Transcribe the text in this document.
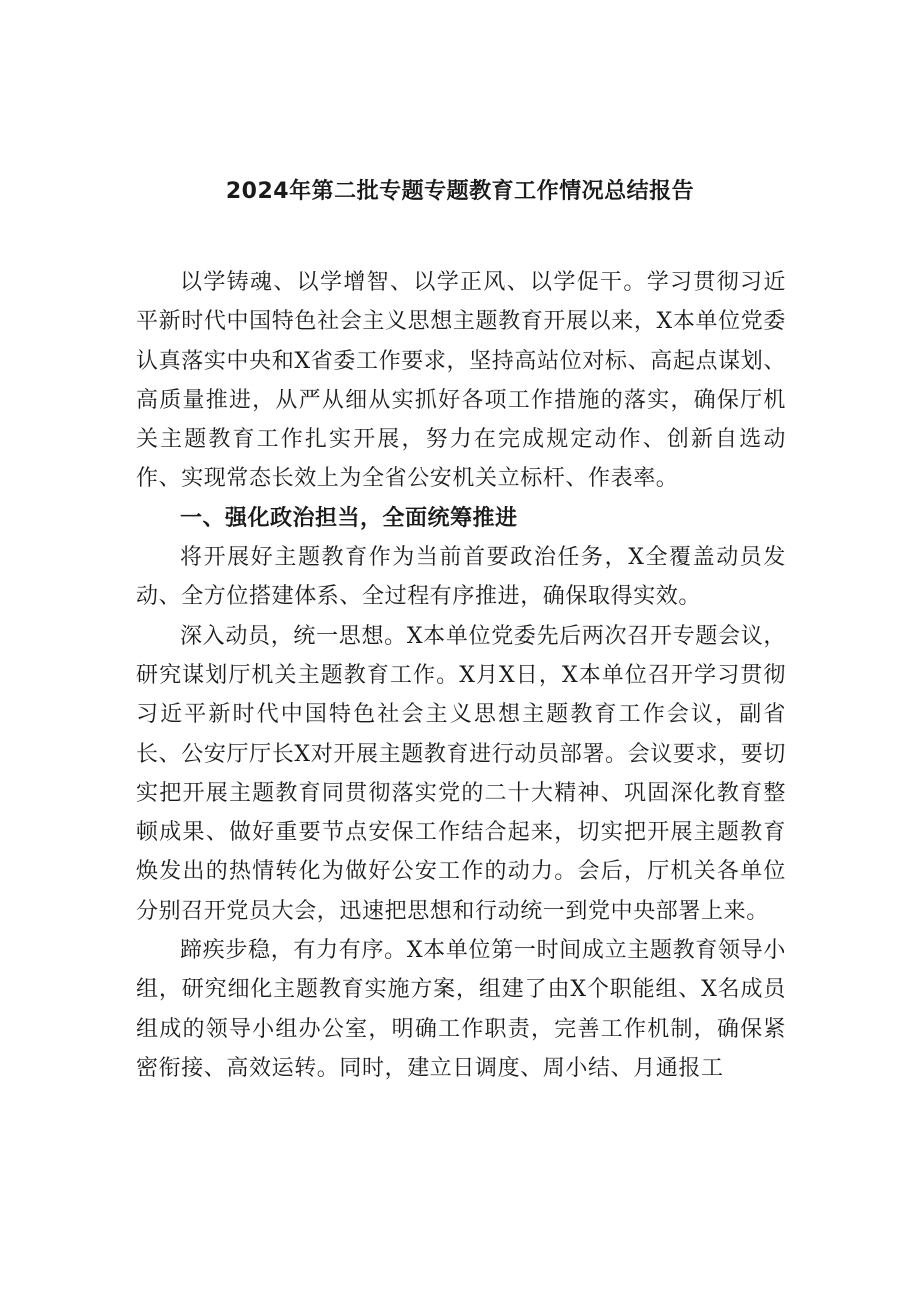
2024年第二批专题专题教育工作情况总结报告

以学铸魂、以学增智、以学正风、以学促干。学习贯彻习近平新时代中国特色社会主义思想主题教育开展以来，X本单位党委认真落实中央和X省委工作要求，坚持高站位对标、高起点谋划、高质量推进，从严从细从实抓好各项工作措施的落实，确保厅机关主题教育工作扎实开展，努力在完成规定动作、创新自选动作、实现常态长效上为全省公安机关立标杆、作表率。

一、强化政治担当，全面统筹推进

将开展好主题教育作为当前首要政治任务，X全覆盖动员发动、全方位搭建体系、全过程有序推进，确保取得实效。

深入动员，统一思想。X本单位党委先后两次召开专题会议，研究谋划厅机关主题教育工作。X月X日，X本单位召开学习贯彻习近平新时代中国特色社会主义思想主题教育工作会议，副省长、公安厅厅长X对开展主题教育进行动员部署。会议要求，要切实把开展主题教育同贯彻落实党的二十大精神、巩固深化教育整顿成果、做好重要节点安保工作结合起来，切实把开展主题教育焕发出的热情转化为做好公安工作的动力。会后，厅机关各单位分别召开党员大会，迅速把思想和行动统一到党中央部署上来。

蹄疾步稳，有力有序。X本单位第一时间成立主题教育领导小组，研究细化主题教育实施方案，组建了由X个职能组、X名成员组成的领导小组办公室，明确工作职责，完善工作机制，确保紧密衔接、高效运转。同时，建立日调度、周小结、月通报工
